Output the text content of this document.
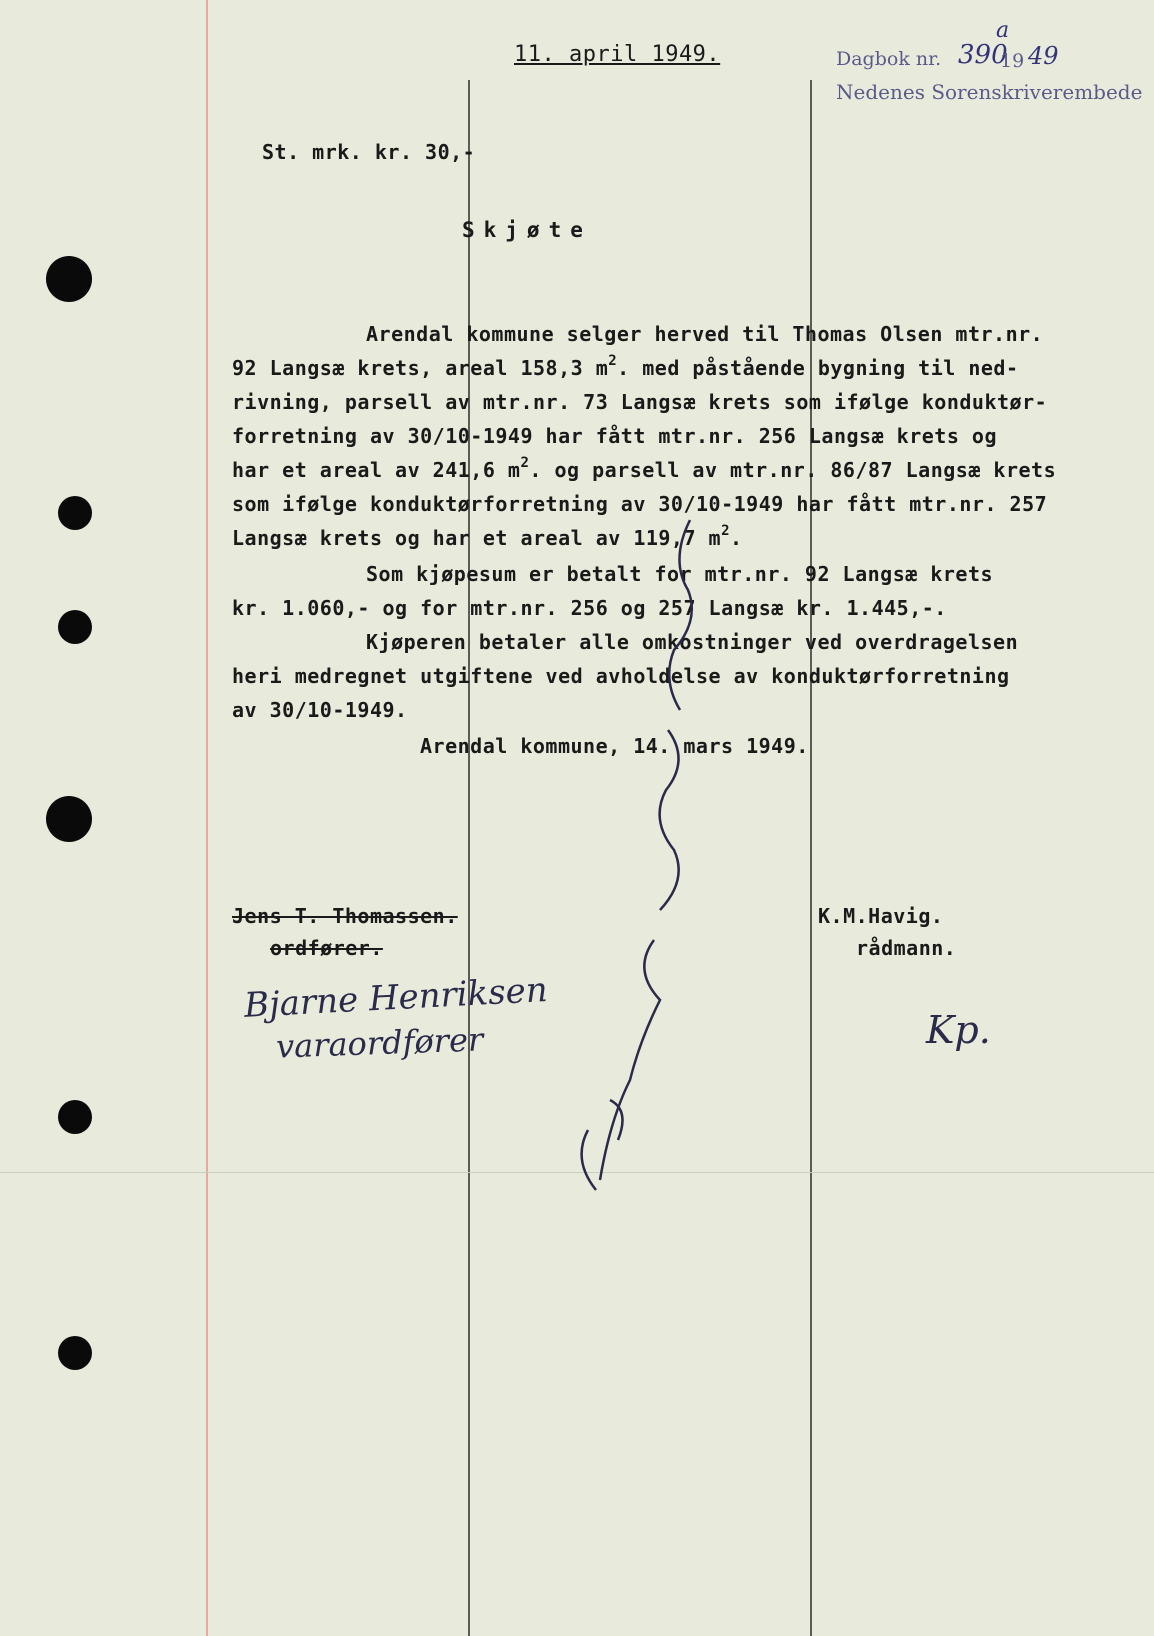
11. april 1949.	Dagbok nr. 390
a
19 49
Nedenes Sorenskriverembede
St. mrk. kr. 30,-
Skjøte
Arendal kommune selger herved til Thomas Olsen mtr.nr.
92 Langsæ krets, areal 158,3 $m^2$. med påstående bygning til ned-
rivning, parsell av mtr.nr. 73 Langsæ krets som ifølge konduktør-
forretning av 30/10-1949 har fått mtr.nr. 256 Langsæ krets og
har et areal av 241,6 $m^2$. og parsell av mtr.nr. 86/87 Langsæ krets
som ifølge konduktørforretning av 30/10-1949 har fått mtr.nr. 257
Langsæ krets og har et areal av 119,7 $m^2$.
Som kjøpesum er betalt for mtr.nr. 92 Langsæ krets
kr. 1.060,- og for mtr.nr. 256 og 257 Langsæ kr. 1.445,-.
Kjøperen betaler alle omkostninger ved overdragelsen
heri medregnet utgiftene ved avholdelse av konduktørforretning
av 30/10-1949.
Arendal kommune, 14. mars 1949.
Jens T. Thomassen.
ordfører.
K.M.Havig.
rådmann.
Bjarne Henriksen
varaordfører	Kp.
